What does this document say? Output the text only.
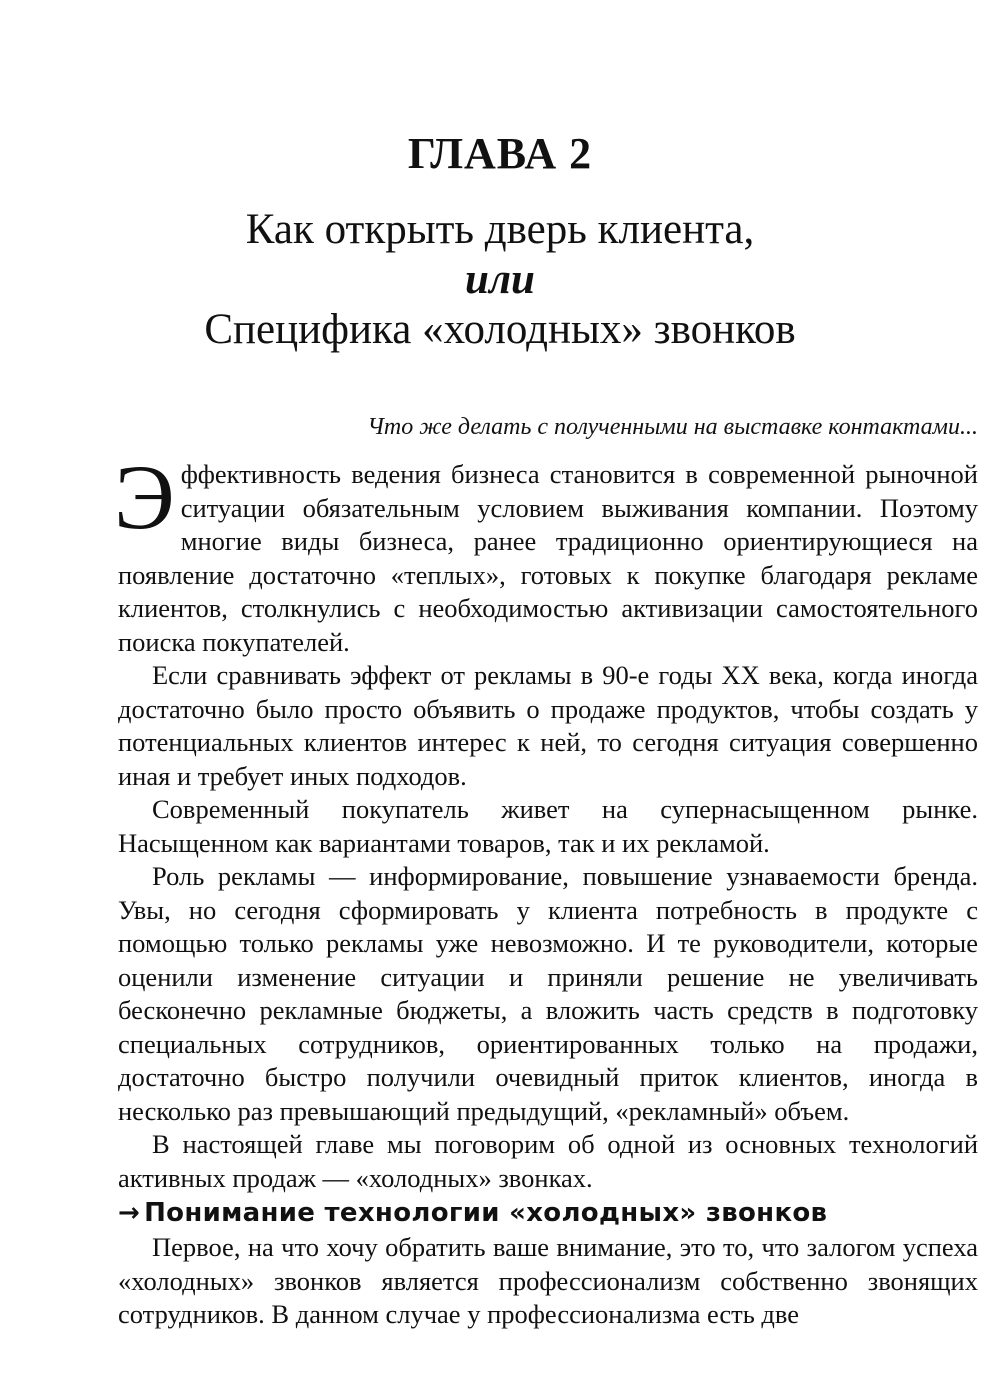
ГЛАВА 2
Как открыть дверь клиента,
или
Специфика «холодных» звонков
Что же делать с полученными на выставке контактами...

Эффективность ведения бизнеса становится в современной рыночной ситуации обязательным условием выживания компании. Поэтому многие виды бизнеса, ранее традиционно ориентирующиеся на появление достаточно «теплых», готовых к покупке благодаря рекламе клиентов, столкнулись с необходимостью активизации самостоятельного поиска покупателей.

Если сравнивать эффект от рекламы в 90-е годы XX века, когда иногда достаточно было просто объявить о продаже продуктов, чтобы создать у потенциальных клиентов интерес к ней, то сегодня ситуация совершенно иная и требует иных подходов.

Современный покупатель живет на супернасыщенном рынке. Насыщенном как вариантами товаров, так и их рекламой.

Роль рекламы — информирование, повышение узнаваемости бренда. Увы, но сегодня сформировать у клиента потребность в продукте с помощью только рекламы уже невозможно. И те руководители, которые оценили изменение ситуации и приняли решение не увеличивать бесконечно рекламные бюджеты, а вложить часть средств в подготовку специальных сотрудников, ориентированных только на продажи, достаточно быстро получили очевидный приток клиентов, иногда в несколько раз превышающий предыдущий, «рекламный» объем.

В настоящей главе мы поговорим об одной из основных технологий активных продаж — «холодных» звонках.

→ Понимание технологии «холодных» звонков

Первое, на что хочу обратить ваше внимание, это то, что залогом успеха «холодных» звонков является профессионализм собственно звонящих сотрудников. В данном случае у профессионализма есть две
